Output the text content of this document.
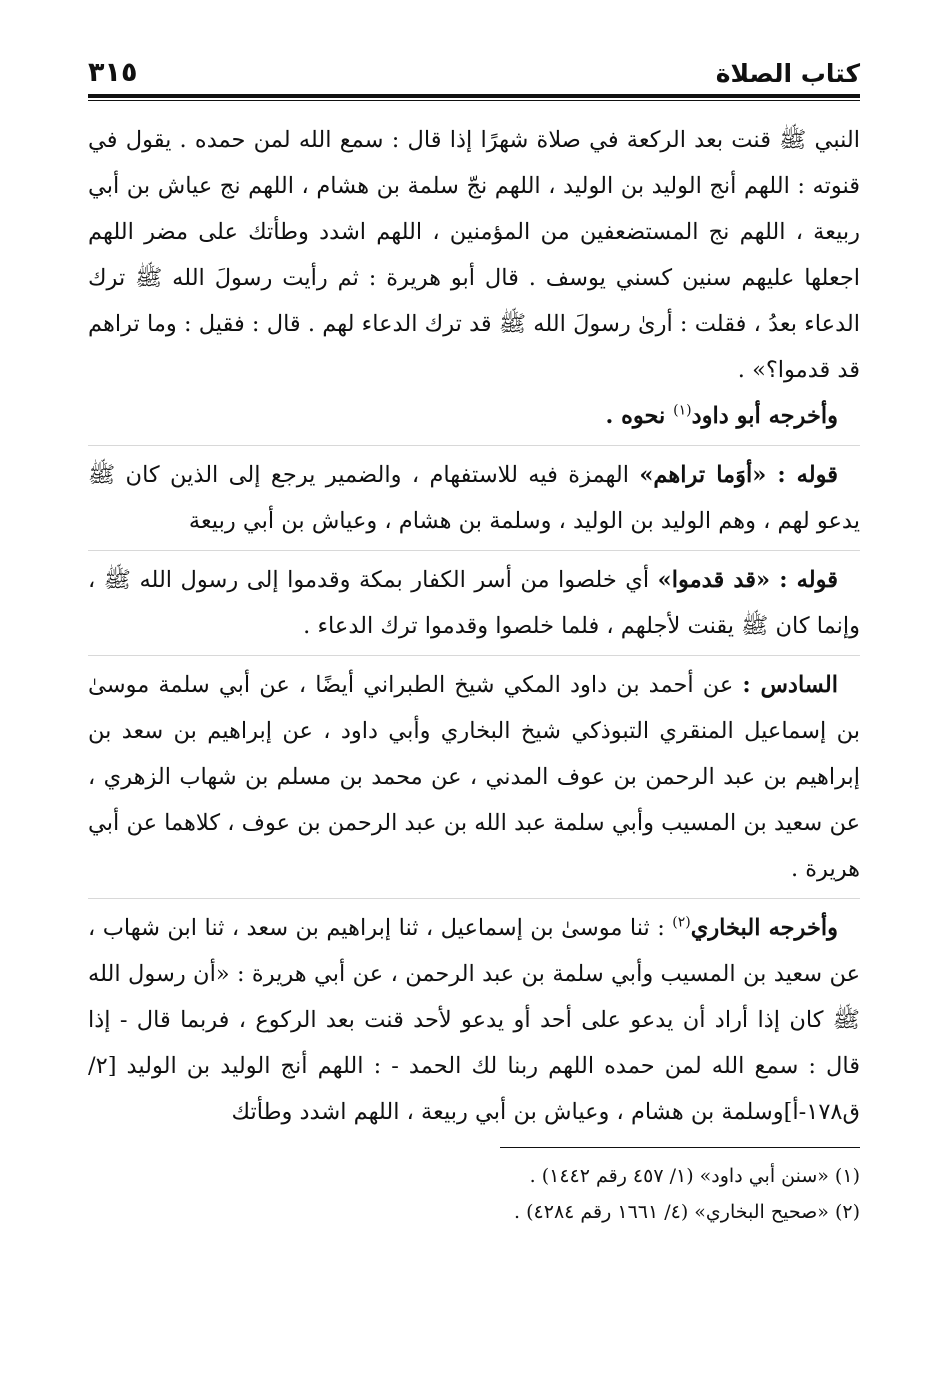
كتاب الصلاة
٣١٥

النبي ﷺ قنت بعد الركعة في صلاة شهرًا إذا قال : سمع الله لمن حمده . يقول في قنوته : اللهم أنج الوليد بن الوليد ، اللهم نجّ سلمة بن هشام ، اللهم نج عياش بن أبي ربيعة ، اللهم نج المستضعفين من المؤمنين ، اللهم اشدد وطأتك على مضر اللهم اجعلها عليهم سنين كسني يوسف . قال أبو هريرة : ثم رأيت رسولَ الله ﷺ ترك الدعاء بعدُ ، فقلت : أرىٰ رسولَ الله ﷺ قد ترك الدعاء لهم . قال : فقيل : وما تراهم قد قدموا؟» .

وأخرجه أبو داود$^{(١)}$ نحوه .

قوله : «أوَما تراهم» الهمزة فيه للاستفهام ، والضمير يرجع إلى الذين كان ﷺ يدعو لهم ، وهم الوليد بن الوليد ، وسلمة بن هشام ، وعياش بن أبي ربيعة

قوله : «قد قدموا» أي خلصوا من أسر الكفار بمكة وقدموا إلى رسول الله ﷺ ، وإنما كان ﷺ يقنت لأجلهم ، فلما خلصوا وقدموا ترك الدعاء .

السادس : عن أحمد بن داود المكي شيخ الطبراني أيضًا ، عن أبي سلمة موسىٰ بن إسماعيل المنقري التبوذكي شيخ البخاري وأبي داود ، عن إبراهيم بن سعد بن إبراهيم بن عبد الرحمن بن عوف المدني ، عن محمد بن مسلم بن شهاب الزهري ، عن سعيد بن المسيب وأبي سلمة عبد الله بن عبد الرحمن بن عوف ، كلاهما عن أبي هريرة .

وأخرجه البخاري$^{(٢)}$ : ثنا موسىٰ بن إسماعيل ، ثنا إبراهيم بن سعد ، ثنا ابن شهاب ، عن سعيد بن المسيب وأبي سلمة بن عبد الرحمن ، عن أبي هريرة : «أن رسول الله ﷺ كان إذا أراد أن يدعو على أحد أو يدعو لأحد قنت بعد الركوع ، فربما قال - إذا قال : سمع الله لمن حمده اللهم ربنا لك الحمد - : اللهم أنج الوليد بن الوليد [٢/ ق١٧٨-أ]وسلمة بن هشام ، وعياش بن أبي ربيعة ، اللهم اشدد وطأتك

(١) «سنن أبي داود» (١/ ٤٥٧ رقم ١٤٤٢) .

(٢) «صحيح البخاري» (٤/ ١٦٦١ رقم ٤٢٨٤) .
